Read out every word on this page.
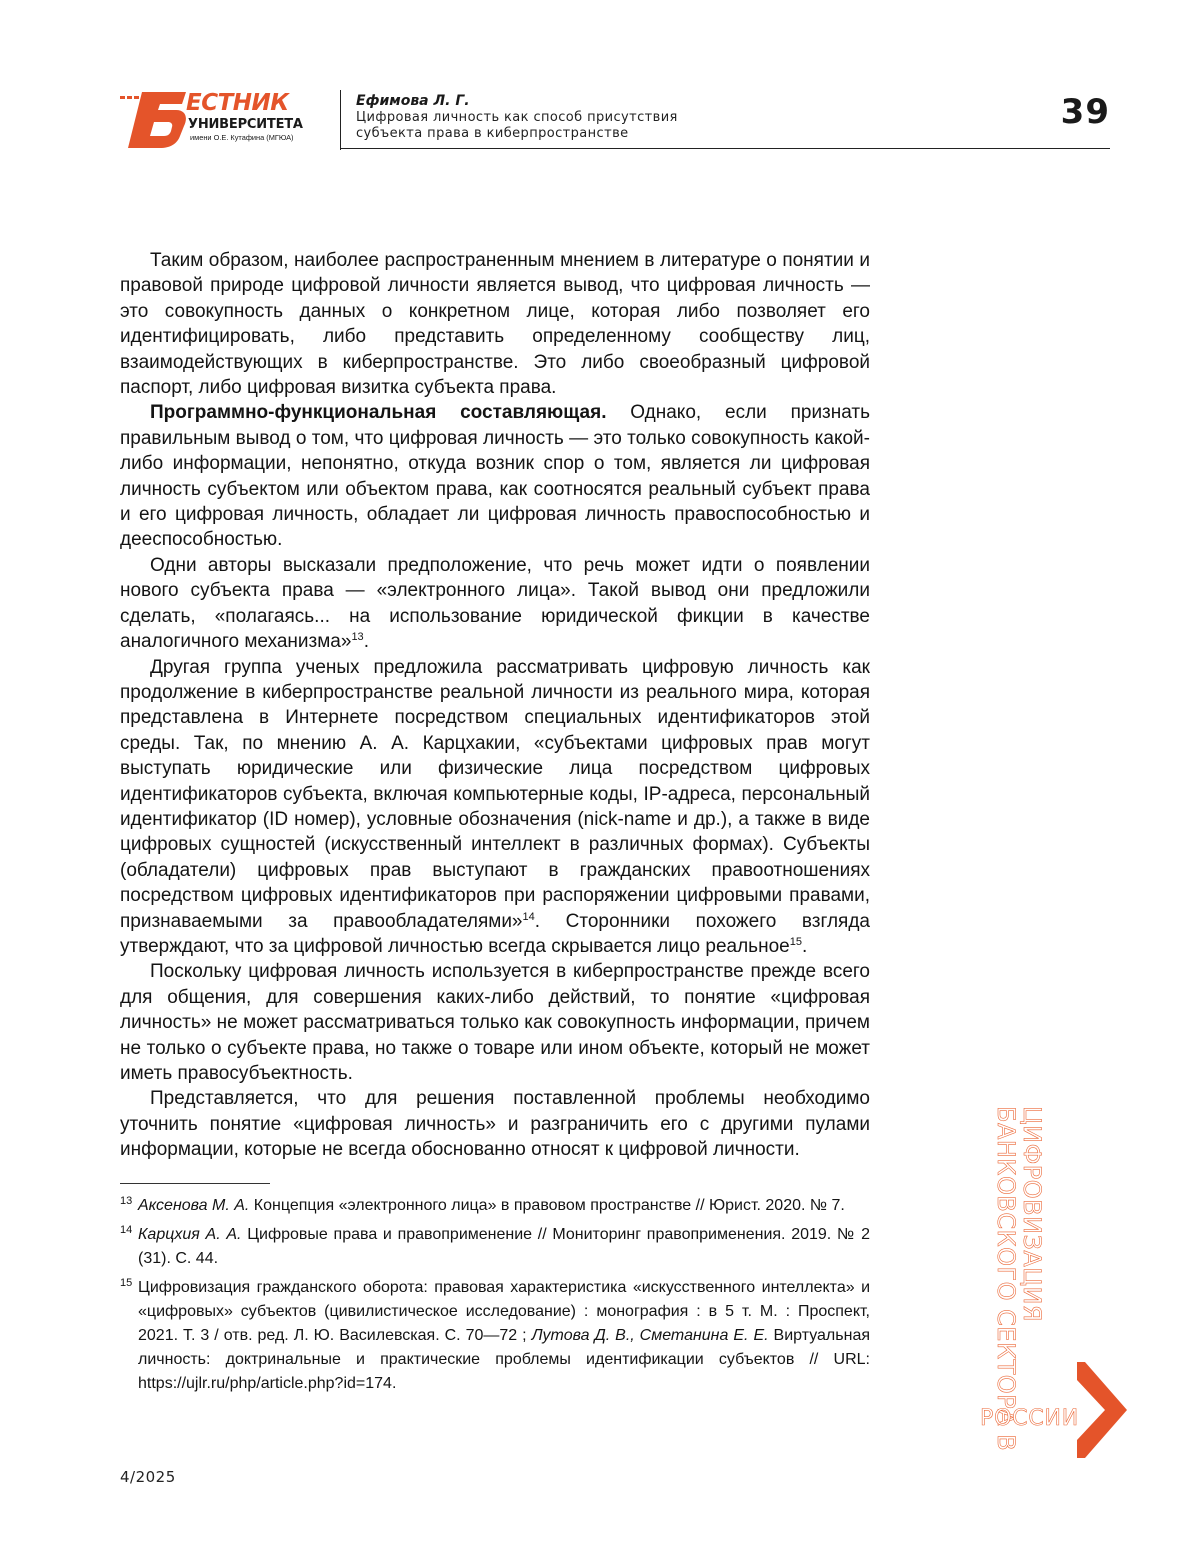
ЕСТНИК
УНИВЕРСИТЕТА
имени О.Е. Кутафина (МГЮА)
Ефимова Л. Г.
Цифровая личность как способ присутствия
субъекта права в киберпространстве
39

Таким образом, наиболее распространенным мнением в литературе о понятии и правовой природе цифровой личности является вывод, что цифровая личность — это совокупность данных о конкретном лице, которая либо позволяет его идентифицировать, либо представить определенному сообществу лиц, взаимодействующих в киберпространстве. Это либо своеобразный цифровой паспорт, либо цифровая визитка субъекта права.

Программно-функциональная составляющая. Однако, если признать правильным вывод о том, что цифровая личность — это только совокупность какой-либо информации, непонятно, откуда возник спор о том, является ли цифровая личность субъектом или объектом права, как соотносятся реальный субъект права и его цифровая личность, обладает ли цифровая личность правоспособностью и дееспособностью.

Одни авторы высказали предположение, что речь может идти о появлении нового субъекта права — «электронного лица». Такой вывод они предложили сделать, «полагаясь... на использование юридической фикции в качестве аналогичного механизма»13.

Другая группа ученых предложила рассматривать цифровую личность как продолжение в киберпространстве реальной личности из реального мира, которая представлена в Интернете посредством специальных идентификаторов этой среды. Так, по мнению А. А. Карцхакии, «субъектами цифровых прав могут выступать юридические или физические лица посредством цифровых идентификаторов субъекта, включая компьютерные коды, IP-адреса, персональный идентификатор (ID номер), условные обозначения (nick-name и др.), а также в виде цифровых сущностей (искусственный интеллект в различных формах). Субъекты (обладатели) цифровых прав выступают в гражданских правоотношениях посредством цифровых идентификаторов при распоряжении цифровыми правами, признаваемыми за правообладателями»14. Сторонники похожего взгляда утверждают, что за цифровой личностью всегда скрывается лицо реальное15.

Поскольку цифровая личность используется в киберпространстве прежде всего для общения, для совершения каких-либо действий, то понятие «цифровая личность» не может рассматриваться только как совокупность информации, причем не только о субъекте права, но также о товаре или ином объекте, который не может иметь правосубъектность.

Представляется, что для решения поставленной проблемы необходимо уточнить понятие «цифровая личность» и разграничить его с другими пулами информации, которые не всегда обоснованно относят к цифровой личности.

13 Аксенова М. А. Концепция «электронного лица» в правовом пространстве // Юрист. 2020. № 7.
14 Карцхия А. А. Цифровые права и правоприменение // Мониторинг правоприменения. 2019. № 2 (31). С. 44.
15 Цифровизация гражданского оборота: правовая характеристика «искусственного интеллекта» и «цифровых» субъектов (цивилистическое исследование) : монография : в 5 т. М. : Проспект, 2021. Т. 3 / отв. ред. Л. Ю. Василевская. С. 70—72 ; Лутова Д. В., Сметанина Е. Е. Виртуальная личность: доктринальные и практические проблемы идентификации субъектов // URL: https://ujlr.ru/php/article.php?id=174.
4/2025
ЦИФРОВИЗАЦИЯ
БАНКОВСКОГО СЕКТОРА В
РОССИИ
